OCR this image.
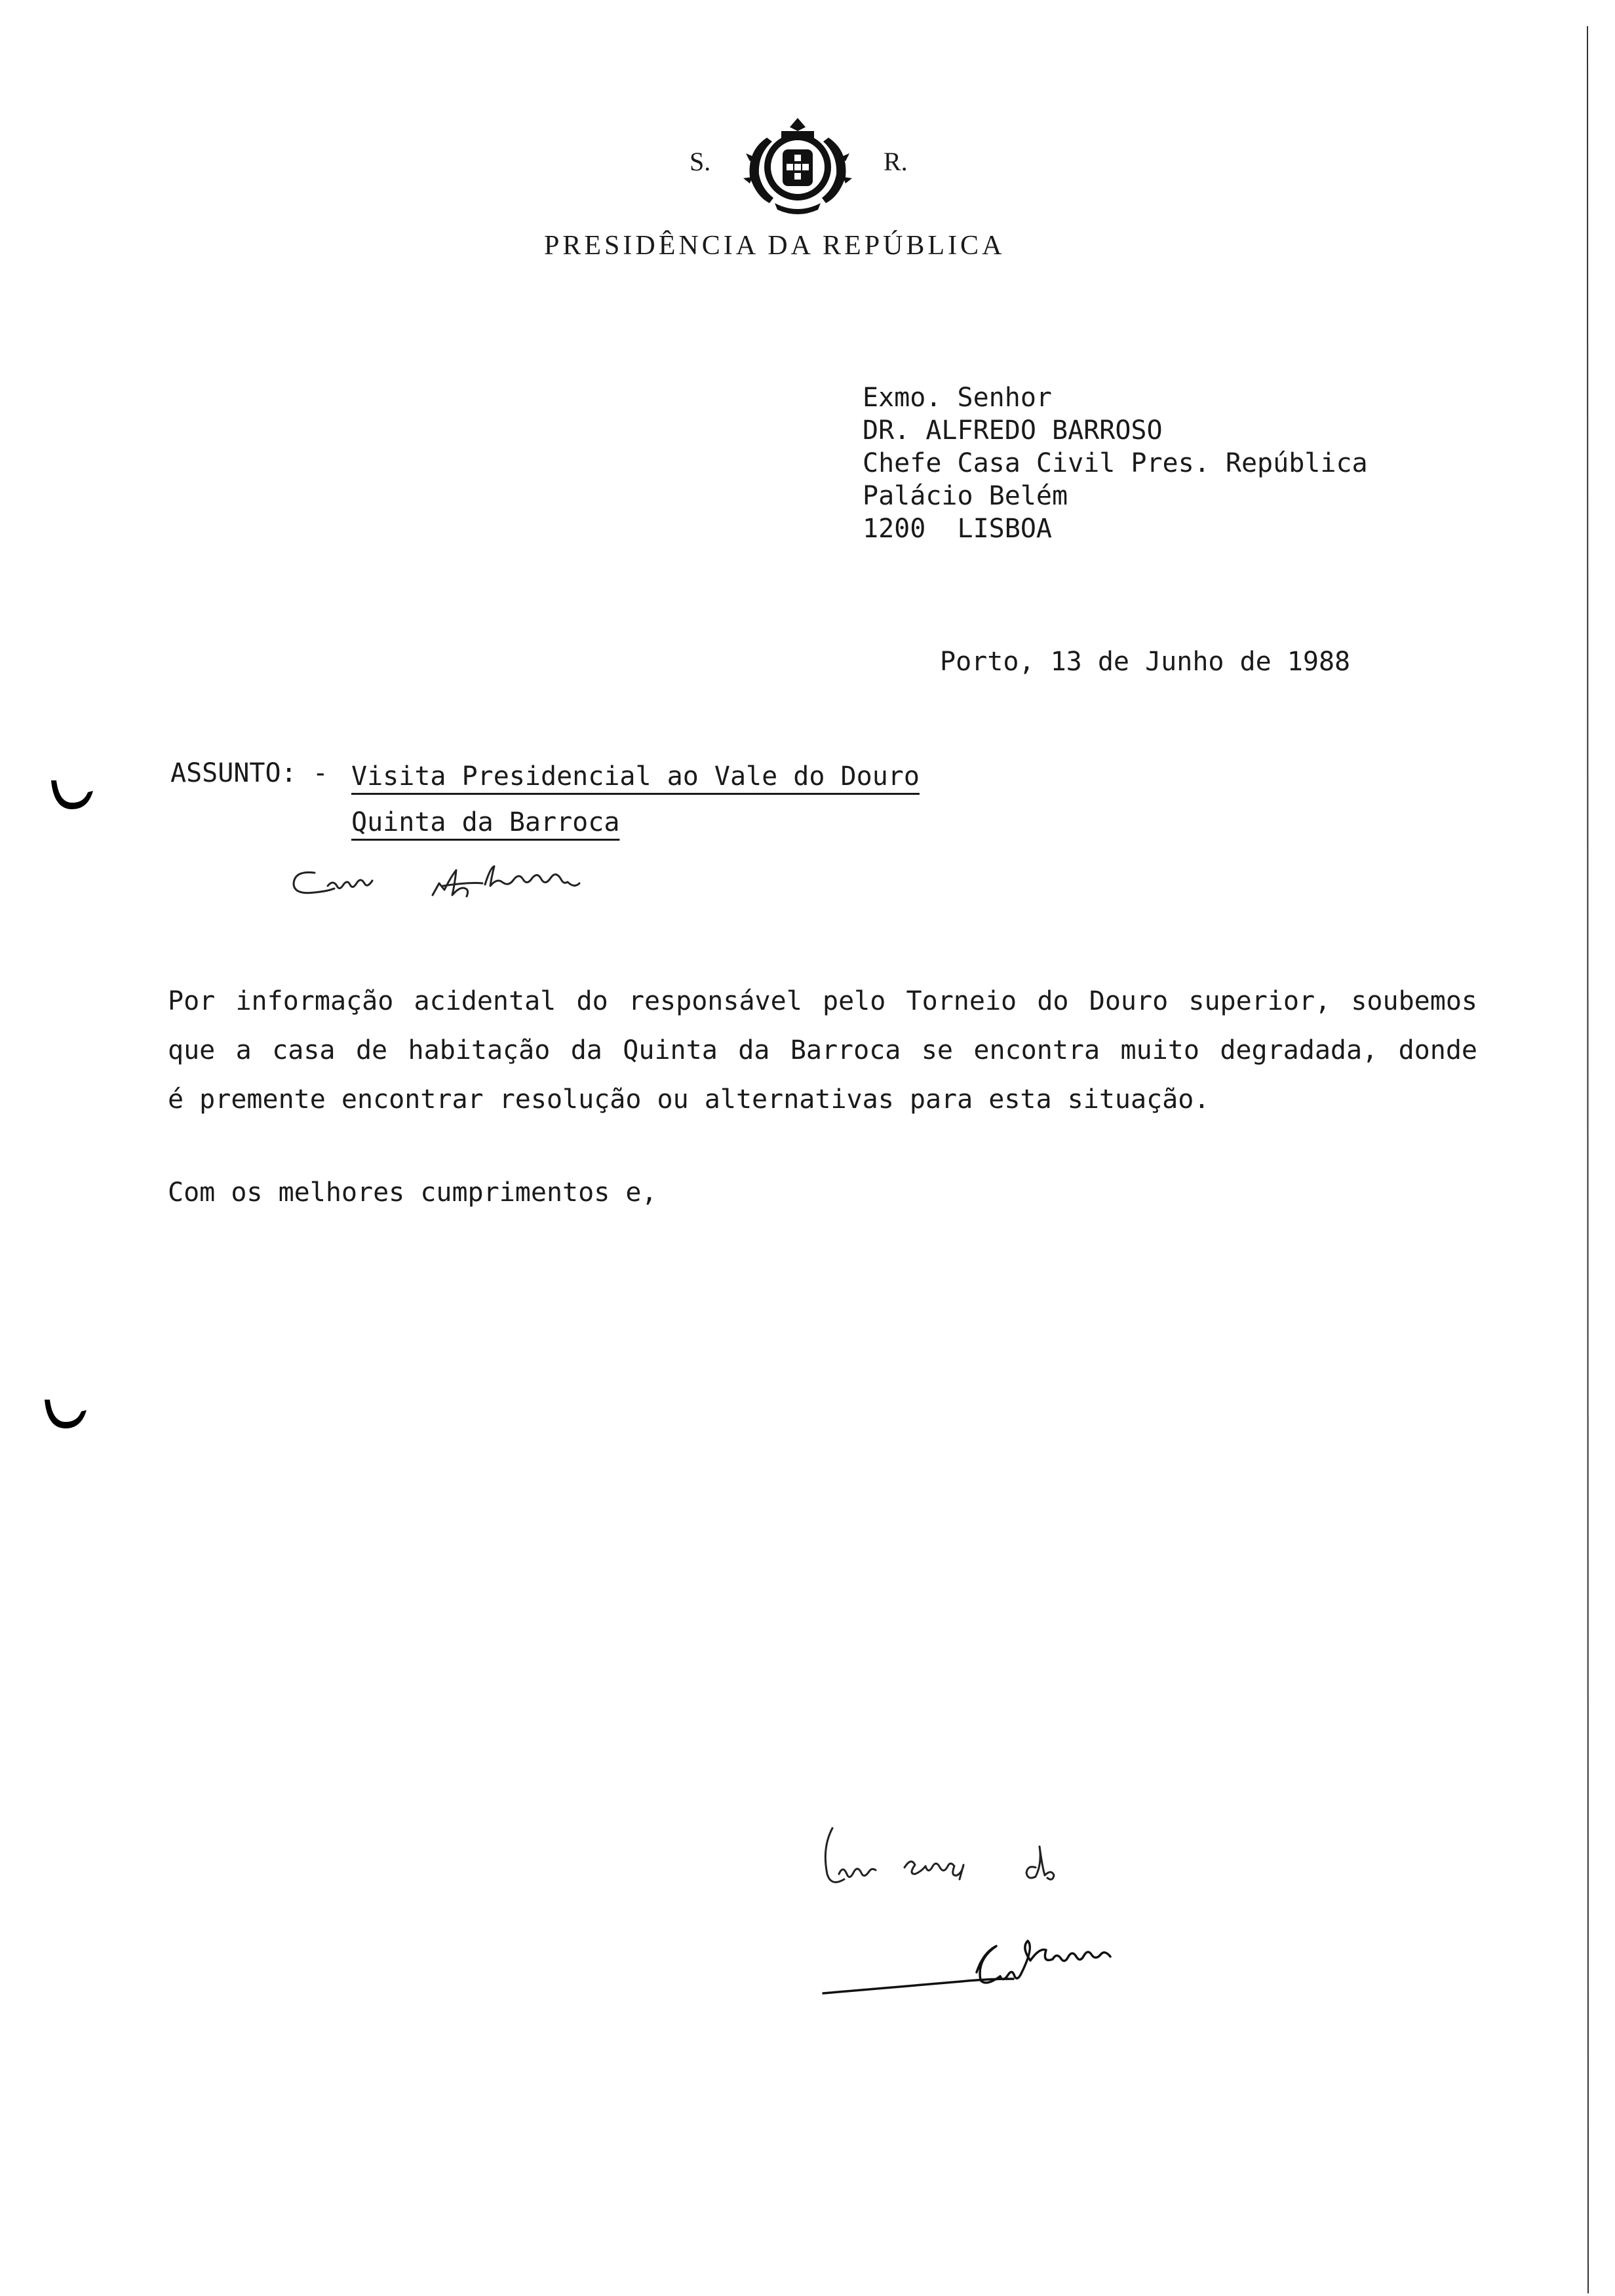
S.	R.
PRESIDÊNCIA DA REPÚBLICA
Exmo. Senhor
DR. ALFREDO BARROSO
Chefe Casa Civil Pres. República
Palácio Belém
1200  LISBOA
Porto, 13 de Junho de 1988
ASSUNTO: - Visita Presidencial ao Vale do Douro
Quinta da Barroca
Por informação acidental do responsável pelo Torneio do Douro superior, soubemos
que a casa de habitação da Quinta da Barroca se encontra muito degradada, donde
é premente encontrar resolução ou alternativas para esta situação.
Com os melhores cumprimentos e,
